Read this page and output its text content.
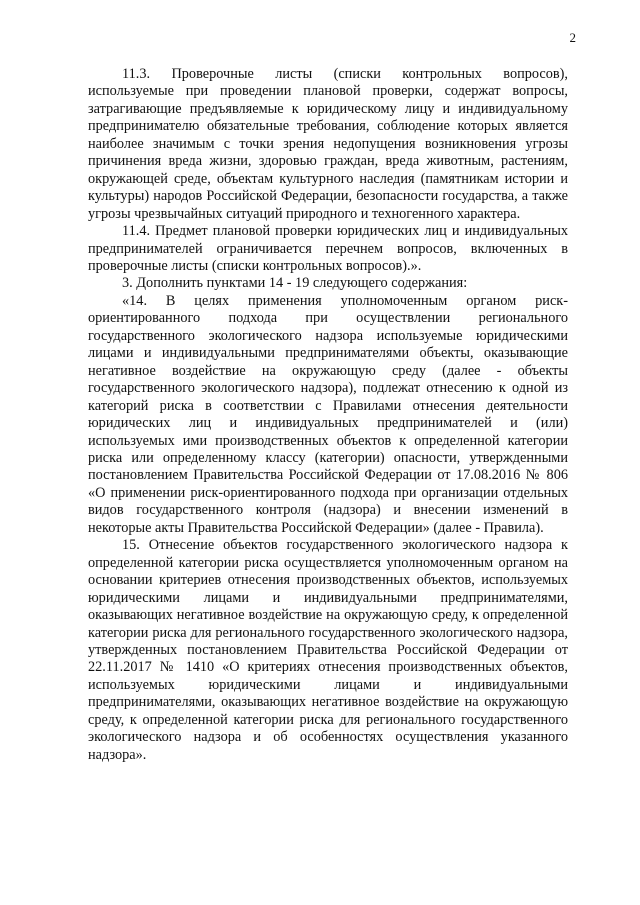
2

11.3. Проверочные листы (списки контрольных вопросов), используемые при проведении плановой проверки, содержат вопросы, затрагивающие предъявляемые к юридическому лицу и индивидуальному предпринимателю обязательные требования, соблюдение которых является наиболее значимым с точки зрения недопущения возникновения угрозы причинения вреда жизни, здоровью граждан, вреда животным, растениям, окружающей среде, объектам культурного наследия (памятникам истории и культуры) народов Российской Федерации, безопасности государства, а также угрозы чрезвычайных ситуаций природного и техногенного характера.

11.4. Предмет плановой проверки юридических лиц и индивидуальных предпринимателей ограничивается перечнем вопросов, включенных в проверочные листы (списки контрольных вопросов).».

3. Дополнить пунктами 14 - 19 следующего содержания:

«14. В целях применения уполномоченным органом риск-ориентированного подхода при осуществлении регионального государственного экологического надзора используемые юридическими лицами и индивидуальными предпринимателями объекты, оказывающие негативное воздействие на окружающую среду (далее - объекты государственного экологического надзора), подлежат отнесению к одной из категорий риска в соответствии с Правилами отнесения деятельности юридических лиц и индивидуальных предпринимателей и (или) используемых ими производственных объектов к определенной категории риска или определенному классу (категории) опасности, утвержденными постановлением Правительства Российской Федерации от 17.08.2016 № 806 «О применении риск-ориентированного подхода при организации отдельных видов государственного контроля (надзора) и внесении изменений в некоторые акты Правительства Российской Федерации» (далее - Правила).

15. Отнесение объектов государственного экологического надзора к определенной категории риска осуществляется уполномоченным органом на основании критериев отнесения производственных объектов, используемых юридическими лицами и индивидуальными предпринимателями, оказывающих негативное воздействие на окружающую среду, к определенной категории риска для регионального государственного экологического надзора, утвержденных постановлением Правительства Российской Федерации от 22.11.2017 № 1410 «О критериях отнесения производственных объектов, используемых юридическими лицами и индивидуальными предпринимателями, оказывающих негативное воздействие на окружающую среду, к определенной категории риска для регионального государственного экологического надзора и об особенностях осуществления указанного надзора».
